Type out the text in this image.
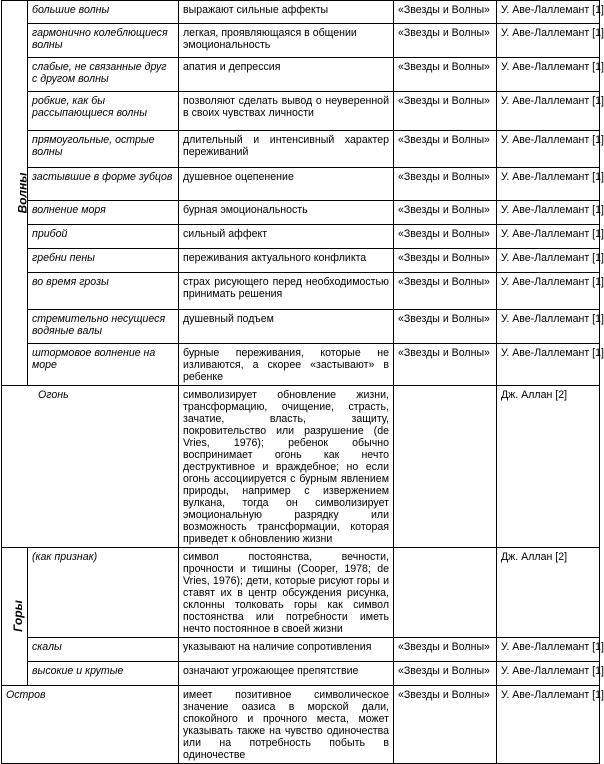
Волны	большие волны	выражают сильные аффекты	«Звезды и Волны»	У. Аве-Лаллемант [1]
	гармонично колеблющиеся волны	легкая, проявляющаяся в общении эмоциональность	«Звезды и Волны»	У. Аве-Лаллемант [1]
	слабые, не связанные друг с другом волны	апатия и депрессия	«Звезды и Волны»	У. Аве-Лаллемант [1]
	робкие, как бы рассыпающиеся волны	позволяют сделать вывод о неуверенной в своих чувствах личности	«Звезды и Волны»	У. Аве-Лаллемант [1]
	прямоугольные, острые волны	длительный и интенсивный характер переживаний	«Звезды и Волны»	У. Аве-Лаллемант [1]
	застывшие в форме зубцов	душевное оцепенение	«Звезды и Волны»	У. Аве-Лаллемант [1]
	волнение моря	бурная эмоциональность	«Звезды и Волны»	У. Аве-Лаллемант [1]
	прибой	сильный аффект	«Звезды и Волны»	У. Аве-Лаллемант [1]
	гребни пены	переживания актуального конфликта	«Звезды и Волны»	У. Аве-Лаллемант [1]
	во время грозы	страх рисующего перед необходимостью принимать решения	«Звезды и Волны»	У. Аве-Лаллемант [1]
	стремительно несущиеся водяные валы	душевный подъем	«Звезды и Волны»	У. Аве-Лаллемант [1]
	штормовое волнение на море	бурные переживания, которые не изливаются, а скорее «застывают» в ребенке	«Звезды и Волны»	У. Аве-Лаллемант [1]
Огонь		символизирует обновление жизни, трансформацию, очищение, страсть, зачатие, власть, защиту, покровительство или разрушение (de Vries, 1976); ребенок обычно воспринимает огонь как нечто деструктивное и враждебное; но если огонь ассоциируется с бурным явлением природы, например с извержением вулкана, тогда он символизирует эмоциональную разрядку или возможность трансформации, которая приведет к обновлению жизни		Дж. Аллан [2]
Горы	(как признак)	символ постоянства, вечности, прочности и тишины (Cooper, 1978; de Vries, 1976); дети, которые рисуют горы и ставят их в центр обсуждения рисунка, склонны толковать горы как символ постоянства или потребности иметь нечто постоянное в своей жизни		Дж. Аллан [2]
	скалы	указывают на наличие сопротивления	«Звезды и Волны»	У. Аве-Лаллемант [1]
	высокие и крутые	означают угрожающее препятствие	«Звезды и Волны»	У. Аве-Лаллемант [1]
Остров		имеет позитивное символическое значение оазиса в морской дали, спокойного и прочного места, может указывать также на чувство одиночества или на потребность побыть в одиночестве	«Звезды и Волны»	У. Аве-Лаллемант [1]
